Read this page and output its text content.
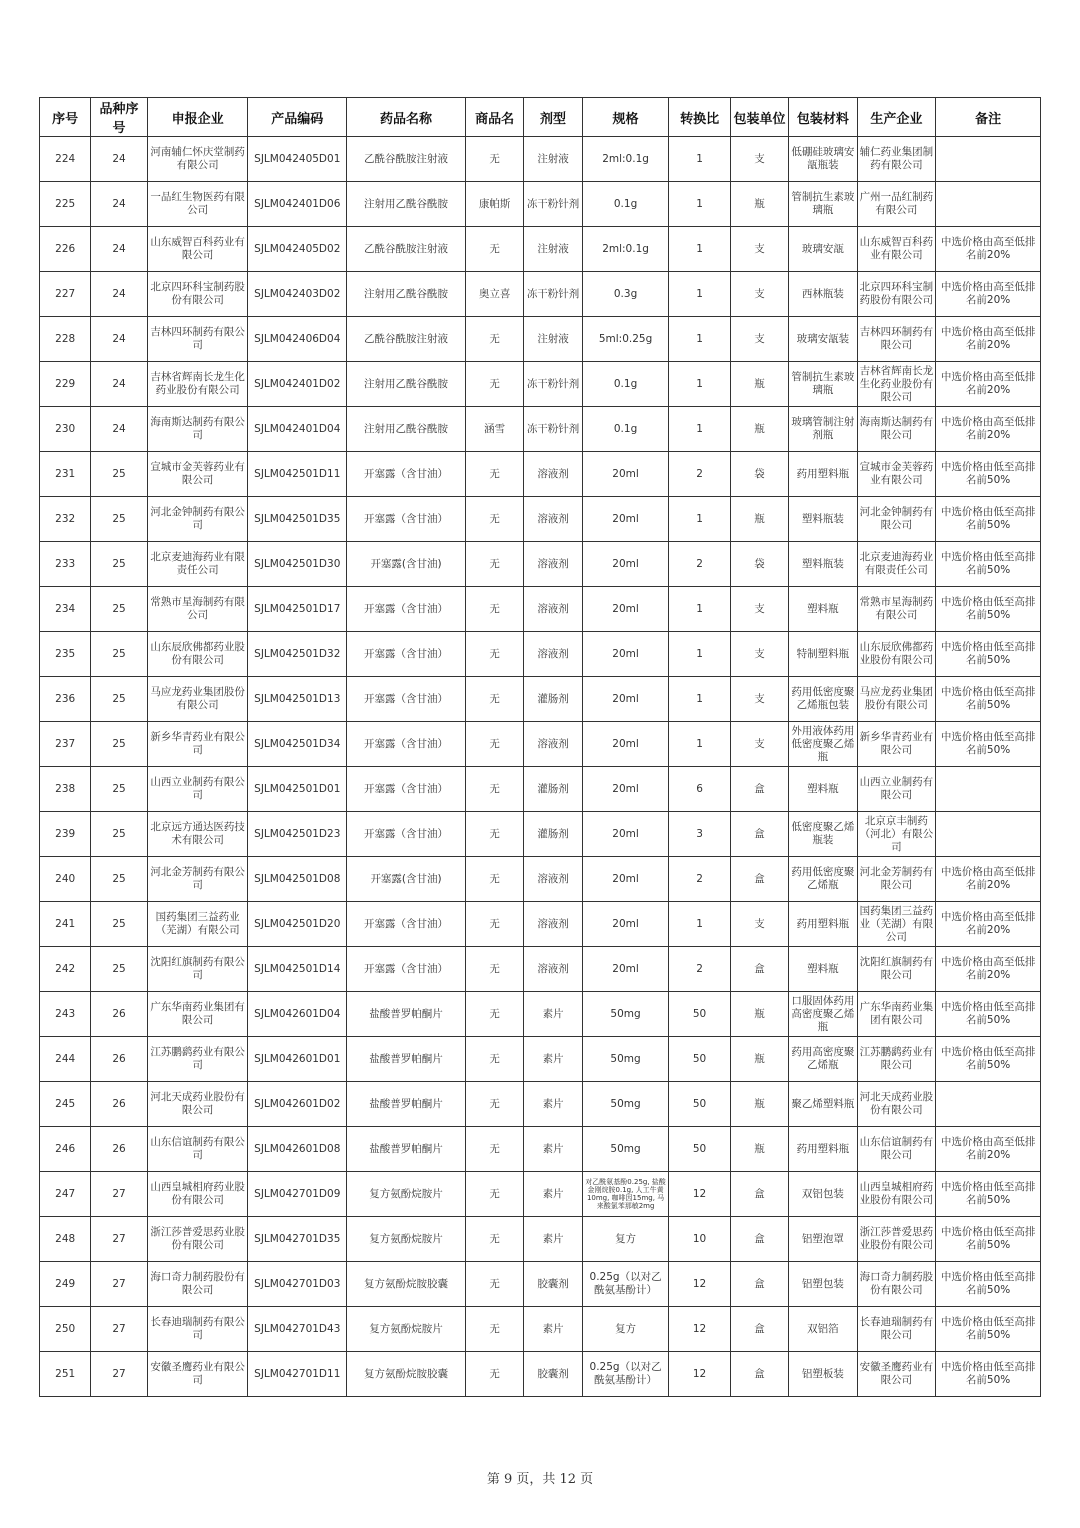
序号	品种序号	申报企业	产品编码	药品名称	商品名	剂型	规格	转换比	包装单位	包装材料	生产企业	备注
224	24	河南辅仁怀庆堂制药有限公司	SJLM042405D01	乙酰谷酰胺注射液	无	注射液	2ml:0.1g	1	支	低硼硅玻璃安瓿瓶装	辅仁药业集团制药有限公司	
225	24	一品红生物医药有限公司	SJLM042401D06	注射用乙酰谷酰胺	康帕斯	冻干粉针剂	0.1g	1	瓶	管制抗生素玻璃瓶	广州一品红制药有限公司	
226	24	山东威智百科药业有限公司	SJLM042405D02	乙酰谷酰胺注射液	无	注射液	2ml:0.1g	1	支	玻璃安瓿	山东威智百科药业有限公司	中选价格由高至低排名前20%
227	24	北京四环科宝制药股份有限公司	SJLM042403D02	注射用乙酰谷酰胺	奥立喜	冻干粉针剂	0.3g	1	支	西林瓶装	北京四环科宝制药股份有限公司	中选价格由高至低排名前20%
228	24	吉林四环制药有限公司	SJLM042406D04	乙酰谷酰胺注射液	无	注射液	5ml:0.25g	1	支	玻璃安瓿装	吉林四环制药有限公司	中选价格由高至低排名前20%
229	24	吉林省辉南长龙生化药业股份有限公司	SJLM042401D02	注射用乙酰谷酰胺	无	冻干粉针剂	0.1g	1	瓶	管制抗生素玻璃瓶	吉林省辉南长龙生化药业股份有限公司	中选价格由高至低排名前20%
230	24	海南斯达制药有限公司	SJLM042401D04	注射用乙酰谷酰胺	涵雪	冻干粉针剂	0.1g	1	瓶	玻璃管制注射剂瓶	海南斯达制药有限公司	中选价格由高至低排名前20%
231	25	宣城市金芙蓉药业有限公司	SJLM042501D11	开塞露（含甘油）	无	溶液剂	20ml	2	袋	药用塑料瓶	宣城市金芙蓉药业有限公司	中选价格由低至高排名前50%
232	25	河北金钟制药有限公司	SJLM042501D35	开塞露（含甘油）	无	溶液剂	20ml	1	瓶	塑料瓶装	河北金钟制药有限公司	中选价格由低至高排名前50%
233	25	北京麦迪海药业有限责任公司	SJLM042501D30	开塞露(含甘油)	无	溶液剂	20ml	2	袋	塑料瓶装	北京麦迪海药业有限责任公司	中选价格由低至高排名前50%
234	25	常熟市星海制药有限公司	SJLM042501D17	开塞露（含甘油）	无	溶液剂	20ml	1	支	塑料瓶	常熟市星海制药有限公司	中选价格由低至高排名前50%
235	25	山东辰欣佛都药业股份有限公司	SJLM042501D32	开塞露（含甘油）	无	溶液剂	20ml	1	支	特制塑料瓶	山东辰欣佛都药业股份有限公司	中选价格由低至高排名前50%
236	25	马应龙药业集团股份有限公司	SJLM042501D13	开塞露（含甘油）	无	灌肠剂	20ml	1	支	药用低密度聚乙烯瓶包装	马应龙药业集团股份有限公司	中选价格由低至高排名前50%
237	25	新乡华青药业有限公司	SJLM042501D34	开塞露（含甘油）	无	溶液剂	20ml	1	支	外用液体药用低密度聚乙烯瓶	新乡华青药业有限公司	中选价格由低至高排名前50%
238	25	山西立业制药有限公司	SJLM042501D01	开塞露（含甘油）	无	灌肠剂	20ml	6	盒	塑料瓶	山西立业制药有限公司	
239	25	北京远方通达医药技术有限公司	SJLM042501D23	开塞露（含甘油）	无	灌肠剂	20ml	3	盒	低密度聚乙烯瓶装	北京京丰制药（河北）有限公司	
240	25	河北金芳制药有限公司	SJLM042501D08	开塞露(含甘油)	无	溶液剂	20ml	2	盒	药用低密度聚乙烯瓶	河北金芳制药有限公司	中选价格由高至低排名前20%
241	25	国药集团三益药业（芜湖）有限公司	SJLM042501D20	开塞露（含甘油）	无	溶液剂	20ml	1	支	药用塑料瓶	国药集团三益药业（芜湖）有限公司	中选价格由高至低排名前20%
242	25	沈阳红旗制药有限公司	SJLM042501D14	开塞露（含甘油）	无	溶液剂	20ml	2	盒	塑料瓶	沈阳红旗制药有限公司	中选价格由高至低排名前20%
243	26	广东华南药业集团有限公司	SJLM042601D04	盐酸普罗帕酮片	无	素片	50mg	50	瓶	口服固体药用高密度聚乙烯瓶	广东华南药业集团有限公司	中选价格由低至高排名前50%
244	26	江苏鹏鹞药业有限公司	SJLM042601D01	盐酸普罗帕酮片	无	素片	50mg	50	瓶	药用高密度聚乙烯瓶	江苏鹏鹞药业有限公司	中选价格由低至高排名前50%
245	26	河北天成药业股份有限公司	SJLM042601D02	盐酸普罗帕酮片	无	素片	50mg	50	瓶	聚乙烯塑料瓶	河北天成药业股份有限公司	
246	26	山东信谊制药有限公司	SJLM042601D08	盐酸普罗帕酮片	无	素片	50mg	50	瓶	药用塑料瓶	山东信谊制药有限公司	中选价格由高至低排名前20%
247	27	山西皇城相府药业股份有限公司	SJLM042701D09	复方氨酚烷胺片	无	素片	对乙酰氨基酚0.25g, 盐酸金刚烷胺0.1g, 人工牛黄10mg, 咖啡因15mg, 马来酸氯苯那敏2mg	12	盒	双铝包装	山西皇城相府药业股份有限公司	中选价格由低至高排名前50%
248	27	浙江莎普爱思药业股份有限公司	SJLM042701D35	复方氨酚烷胺片	无	素片	复方	10	盒	铝塑泡罩	浙江莎普爱思药业股份有限公司	中选价格由低至高排名前50%
249	27	海口奇力制药股份有限公司	SJLM042701D03	复方氨酚烷胺胶囊	无	胶囊剂	0.25g（以对乙酰氨基酚计）	12	盒	铝塑包装	海口奇力制药股份有限公司	中选价格由低至高排名前50%
250	27	长春迪瑞制药有限公司	SJLM042701D43	复方氨酚烷胺片	无	素片	复方	12	盒	双铝箔	长春迪瑞制药有限公司	中选价格由低至高排名前50%
251	27	安徽圣鹰药业有限公司	SJLM042701D11	复方氨酚烷胺胶囊	无	胶囊剂	0.25g（以对乙酰氨基酚计）	12	盒	铝塑板装	安徽圣鹰药业有限公司	中选价格由低至高排名前50%
第 9 页，共 12 页
